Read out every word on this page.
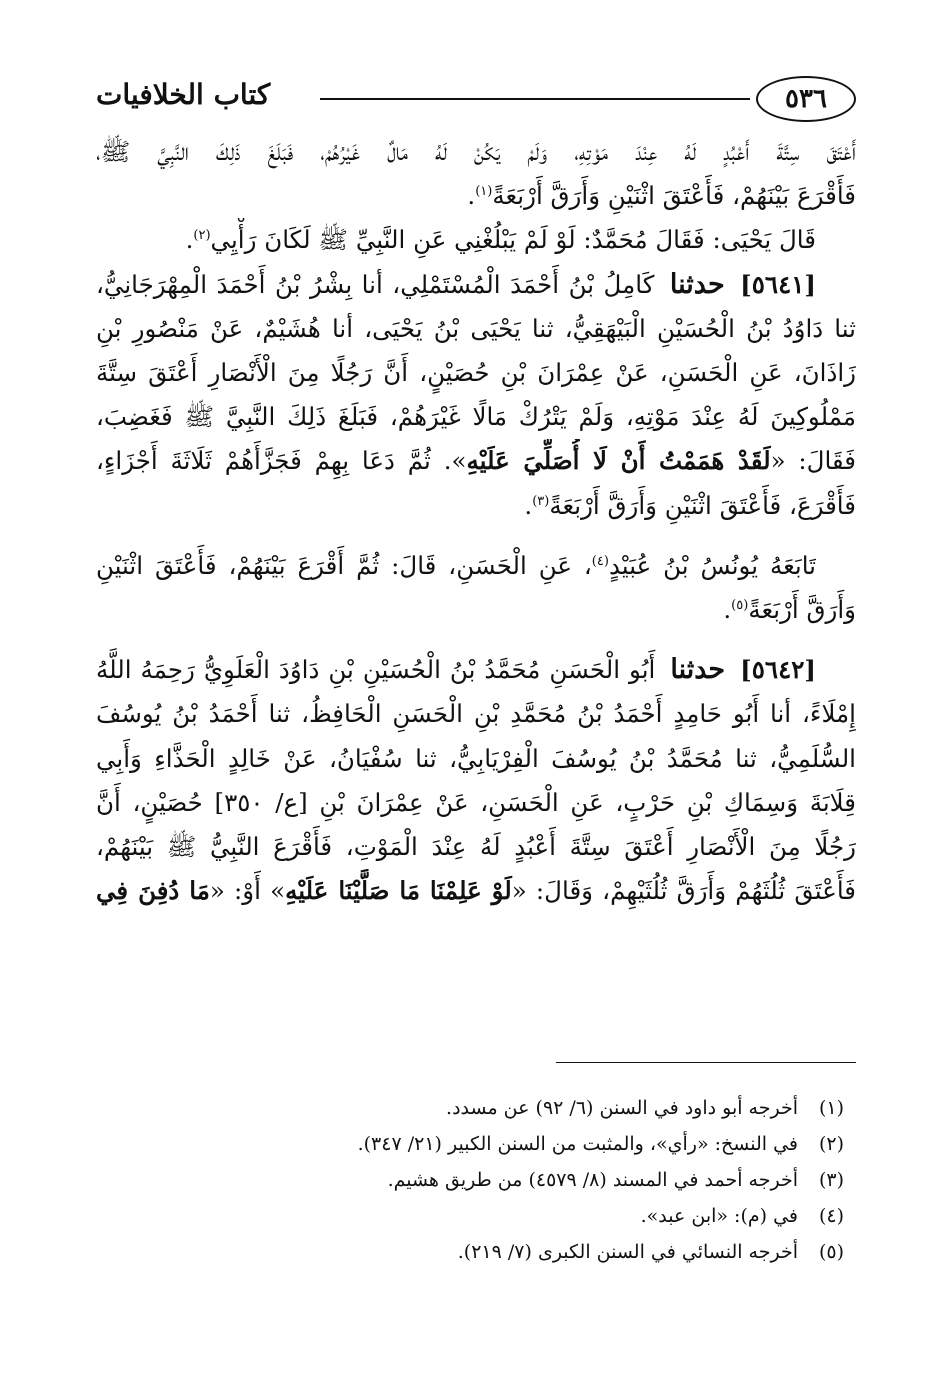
٥٣٦
كتاب الخلافيات

أَعْتَقَ سِتَّةَ أَعْبُدٍ لَهُ عِنْدَ مَوْتِهِ، وَلَمْ يَكُنْ لَهُ مَالٌ غَيْرُهُمْ، فَبَلَغَ ذَلِكَ النَّبِيَّ ﷺ،
فَأَقْرَعَ بَيْنَهُمْ، فَأَعْتَقَ اثْنَيْنِ وَأَرَقَّ أَرْبَعَةً$^{(١)}$.

قَالَ يَحْيَى: فَقَالَ مُحَمَّدٌ: لَوْ لَمْ يَبْلُغْنِي عَنِ النَّبِيِّ ﷺ لَكَانَ رَأْيِي$^{(٢)}$.

[٥٦٤١] حدثنا كَامِلُ بْنُ أَحْمَدَ الْمُسْتَمْلِي، أنا بِشْرُ بْنُ أَحْمَدَ الْمِهْرَجَانِيُّ،

ثنا دَاوُدُ بْنُ الْحُسَيْنِ الْبَيْهَقِيُّ، ثنا يَحْيَى بْنُ يَحْيَى، أنا هُشَيْمٌ، عَنْ مَنْصُورِ بْنِ
زَاذَانَ، عَنِ الْحَسَنِ، عَنْ عِمْرَانَ بْنِ حُصَيْنٍ، أَنَّ رَجُلًا مِنَ الْأَنْصَارِ أَعْتَقَ سِتَّةَ
مَمْلُوكِينَ لَهُ عِنْدَ مَوْتِهِ، وَلَمْ يَتْرُكْ مَالًا غَيْرَهُمْ، فَبَلَغَ ذَلِكَ النَّبِيَّ ﷺ فَغَضِبَ،
فَقَالَ: «لَقَدْ هَمَمْتُ أَنْ لَا أُصَلِّيَ عَلَيْهِ». ثُمَّ دَعَا بِهِمْ فَجَزَّأَهُمْ ثَلَاثَةَ أَجْزَاءٍ،
فَأَقْرَعَ، فَأَعْتَقَ اثْنَيْنِ وَأَرَقَّ أَرْبَعَةً$^{(٣)}$.

تَابَعَهُ يُونُسُ بْنُ عُبَيْدٍ$^{(٤)}$، عَنِ الْحَسَنِ، قَالَ: ثُمَّ أَقْرَعَ بَيْنَهُمْ، فَأَعْتَقَ اثْنَيْنِ

وَأَرَقَّ أَرْبَعَةً$^{(٥)}$.

[٥٦٤٢] حدثنا أَبُو الْحَسَنِ مُحَمَّدُ بْنُ الْحُسَيْنِ بْنِ دَاوُدَ الْعَلَوِيُّ رَحِمَهُ اللَّهُ

إِمْلَاءً، أنا أَبُو حَامِدٍ أَحْمَدُ بْنُ مُحَمَّدِ بْنِ الْحَسَنِ الْحَافِظُ، ثنا أَحْمَدُ بْنُ يُوسُفَ
السُّلَمِيُّ، ثنا مُحَمَّدُ بْنُ يُوسُفَ الْفِرْيَابِيُّ، ثنا سُفْيَانُ، عَنْ خَالِدٍ الْحَذَّاءِ وَأَبِي
قِلَابَةَ وَسِمَاكِ بْنِ حَرْبٍ، عَنِ الْحَسَنِ، عَنْ عِمْرَانَ بْنِ [ع/ ٣٥٠] حُصَيْنٍ، أَنَّ
رَجُلًا مِنَ الْأَنْصَارِ أَعْتَقَ سِتَّةَ أَعْبُدٍ لَهُ عِنْدَ الْمَوْتِ، فَأَقْرَعَ النَّبِيُّ ﷺ بَيْنَهُمْ،
فَأَعْتَقَ ثُلُثَهُمْ وَأَرَقَّ ثُلُثَيْهِمْ، وَقَالَ: «لَوْ عَلِمْنَا مَا صَلَّيْنَا عَلَيْهِ» أَوْ: «مَا دُفِنَ فِي

(١)أخرجه أبو داود في السنن (٦/ ٩٢) عن مسدد.
(٢)في النسخ: «رأي»، والمثبت من السنن الكبير (٢١/ ٣٤٧).
(٣)أخرجه أحمد في المسند (٨/ ٤٥٧٩) من طريق هشيم.
(٤)في (م): «ابن عبد».
(٥)أخرجه النسائي في السنن الكبرى (٧/ ٢١٩).
